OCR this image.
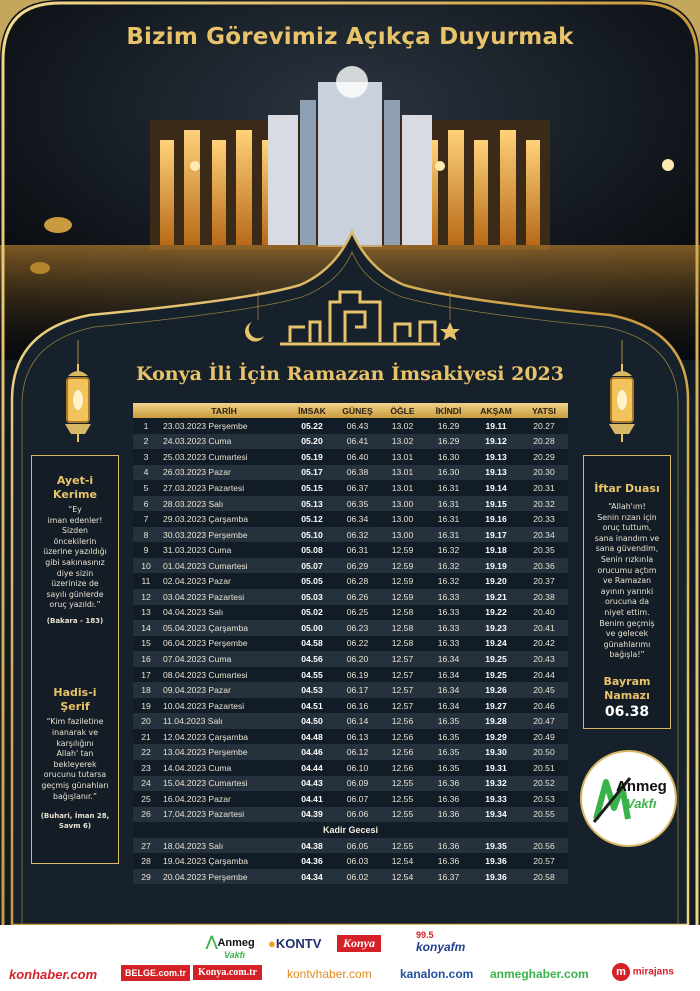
Bizim Görevimiz Açıkça Duyurmak
Konya İli İçin Ramazan İmsakiyesi 2023
	TARİH	İMSAK	GÜNEŞ	ÖĞLE	İKİNDİ	AKŞAM	YATSI
1	23.03.2023 Perşembe	05.22	06.43	13.02	16.29	19.11	20.27
2	24.03.2023 Cuma	05.20	06.41	13.02	16.29	19.12	20.28
3	25.03.2023 Cumartesi	05.19	06.40	13.01	16.30	19.13	20.29
4	26.03.2023 Pazar	05.17	06.38	13.01	16.30	19.13	20.30
5	27.03.2023 Pazartesi	05.15	06.37	13.01	16.31	19.14	20.31
6	28.03.2023 Salı	05.13	06.35	13.00	16.31	19.15	20.32
7	29.03.2023 Çarşamba	05.12	06.34	13.00	16.31	19.16	20.33
8	30.03.2023 Perşembe	05.10	06.32	13.00	16.31	19.17	20.34
9	31.03.2023 Cuma	05.08	06.31	12.59	16.32	19.18	20.35
10	01.04.2023 Cumartesi	05.07	06.29	12.59	16.32	19.19	20.36
11	02.04.2023 Pazar	05.05	06.28	12.59	16.32	19.20	20.37
12	03.04.2023 Pazartesi	05.03	06.26	12.59	16.33	19.21	20.38
13	04.04.2023 Salı	05.02	06.25	12.58	16.33	19.22	20.40
14	05.04.2023 Çarşamba	05.00	06.23	12.58	16.33	19.23	20.41
15	06.04.2023 Perşembe	04.58	06.22	12.58	16.33	19.24	20.42
16	07.04.2023 Cuma	04.56	06.20	12.57	16.34	19.25	20.43
17	08.04.2023 Cumartesi	04.55	06.19	12.57	16.34	19.25	20.44
18	09.04.2023 Pazar	04.53	06.17	12.57	16.34	19.26	20.45
19	10.04.2023 Pazartesi	04.51	06.16	12.57	16.34	19.27	20.46
20	11.04.2023 Salı	04.50	06.14	12.56	16.35	19.28	20.47
21	12.04.2023 Çarşamba	04.48	06.13	12.56	16.35	19.29	20.49
22	13.04.2023 Perşembe	04.46	06.12	12.56	16.35	19.30	20.50
23	14.04.2023 Cuma	04.44	06.10	12.56	16.35	19.31	20.51
24	15.04.2023 Cumartesi	04.43	06.09	12.55	16.36	19.32	20.52
25	16.04.2023 Pazar	04.41	06.07	12.55	16.36	19.33	20.53
26	17.04.2023 Pazartesi	04.39	06.06	12.55	16.36	19.34	20.55
Kadir Gecesi							
27	18.04.2023 Salı	04.38	06.05	12.55	16.36	19.35	20.56
28	19.04.2023 Çarşamba	04.36	06.03	12.54	16.36	19.36	20.57
29	20.04.2023 Perşembe	04.34	06.02	12.54	16.37	19.36	20.58
Ayet-i
Kerime
“Ey
iman edenler!
Sizden
öncekilerin
üzerine yazıldığı
gibi sakınasınız
diye sizin
üzerinize de
sayılı günlerde
oruç yazıldı.”
(Bakara - 183)
Hadis-i
Şerif
“Kim faziletine
inanarak ve
karşılığını
Allah' tan
bekleyerek
orucunu tutarsa
geçmiş günahları
bağışlanır.”
(Buhari, İman 28,
Savm 6)
İftar Duası
“Allah'ım!
Senin rızan için
oruç tuttum,
sana inandım ve
sana güvendim,
Senin rızkınla
orucumu açtım
ve Ramazan
ayının yarınki
orucuna da
niyet ettim.
Benim geçmiş
ve gelecek
günahlarımı
bağışla!”
Bayram
Namazı
06.38
Anmeg
Vakfı
⋀Anmeg
Vakfı
●KONTV	Konya
99.5
konyafm
konhaber.com	BELGE.com.tr	Konya.com.tr	kontvhaber.com kanalon.com anmeghaber.com	m mirajans
